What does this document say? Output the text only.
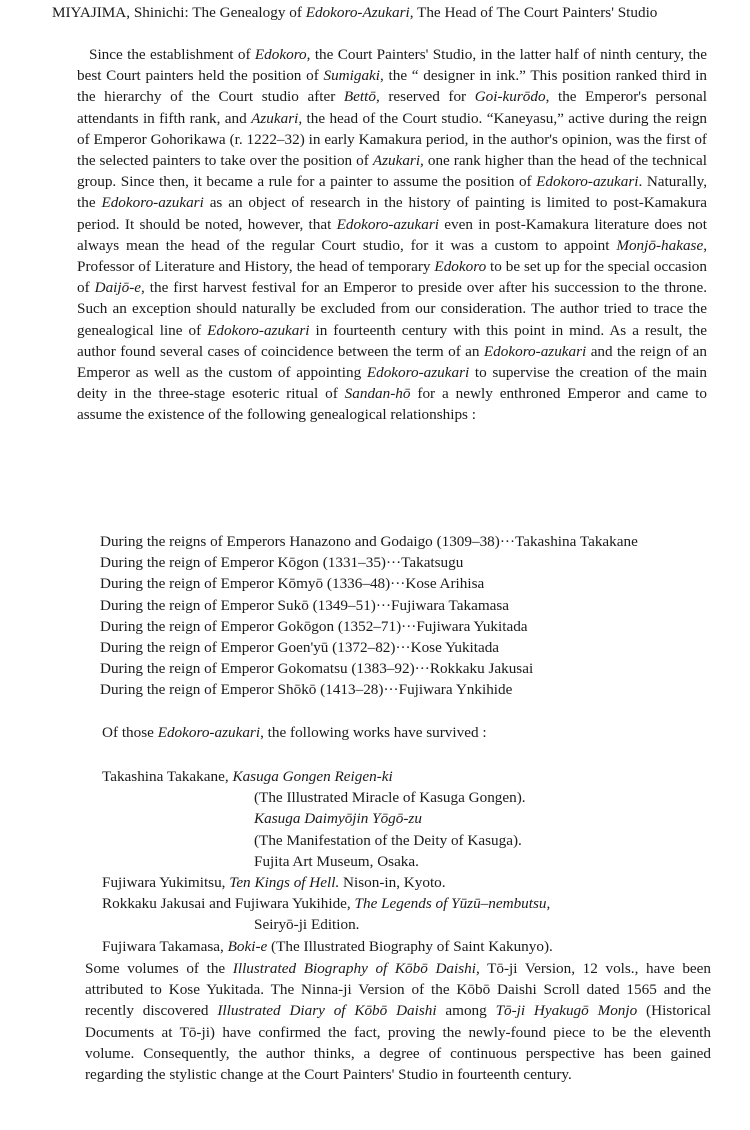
MIYAJIMA, Shinichi: The Genealogy of Edokoro-Azukari, The Head of The Court Painters' Studio

Since the establishment of Edokoro, the Court Painters' Studio, in the latter half of ninth century, the best Court painters held the position of Sumigaki, the “ designer in ink.” This position ranked third in the hierarchy of the Court studio after Bettō, reserved for Goi-kurōdo, the Emperor's personal attendants in fifth rank, and Azukari, the head of the Court studio. “Kaneyasu,” active during the reign of Emperor Gohorikawa (r. 1222–32) in early Kamakura period, in the author's opinion, was the first of the selected painters to take over the position of Azukari, one rank higher than the head of the technical group. Since then, it became a rule for a painter to assume the position of Edokoro-azukari. Naturally, the Edokoro-azukari as an object of research in the history of painting is limited to post-Kamakura period. It should be noted, however, that Edokoro-azukari even in post-Kamakura literature does not always mean the head of the regular Court studio, for it was a custom to appoint Monjō-hakase, Professor of Literature and History, the head of temporary Edokoro to be set up for the special occasion of Daijō-e, the first harvest festival for an Emperor to preside over after his succession to the throne. Such an exception should naturally be excluded from our consideration. The author tried to trace the genealogical line of Edokoro-azukari in fourteenth century with this point in mind. As a result, the author found several cases of coincidence between the term of an Edokoro-azukari and the reign of an Emperor as well as the custom of appointing Edokoro-azukari to supervise the creation of the main deity in the three-stage esoteric ritual of Sandan-hō for a newly enthroned Emperor and came to assume the existence of the following genealogical relationships :

During the reigns of Emperors Hanazono and Godaigo (1309–38)···Takashina Takakane
During the reign of Emperor Kōgon (1331–35)···Takatsugu
During the reign of Emperor Kōmyō (1336–48)···Kose Arihisa
During the reign of Emperor Sukō (1349–51)···Fujiwara Takamasa
During the reign of Emperor Gokōgon (1352–71)···Fujiwara Yukitada
During the reign of Emperor Goen'yū (1372–82)···Kose Yukitada
During the reign of Emperor Gokomatsu (1383–92)···Rokkaku Jakusai
During the reign of Emperor Shōkō (1413–28)···Fujiwara Ynkihide
Of those Edokoro-azukari, the following works have survived :
Takashina Takakane, Kasuga Gongen Reigen-ki
(The Illustrated Miracle of Kasuga Gongen).
Kasuga Daimyōjin Yōgō-zu
(The Manifestation of the Deity of Kasuga).
Fujita Art Museum, Osaka.
Fujiwara Yukimitsu, Ten Kings of Hell. Nison-in, Kyoto.
Rokkaku Jakusai and Fujiwara Yukihide, The Legends of Yūzū–nembutsu,
Seiryō-ji Edition.
Fujiwara Takamasa, Boki-e (The Illustrated Biography of Saint Kakunyo).
Some volumes of the Illustrated Biography of Kōbō Daishi, Tō-ji Version, 12 vols., have been attributed to Kose Yukitada. The Ninna-ji Version of the Kōbō Daishi Scroll dated 1565 and the recently discovered Illustrated Diary of Kōbō Daishi among Tō-ji Hyakugō Monjo (Historical Documents at Tō-ji) have confirmed the fact, proving the newly-found piece to be the eleventh volume. Consequently, the author thinks, a degree of continuous perspective has been gained regarding the stylistic change at the Court Painters' Studio in fourteenth century.
